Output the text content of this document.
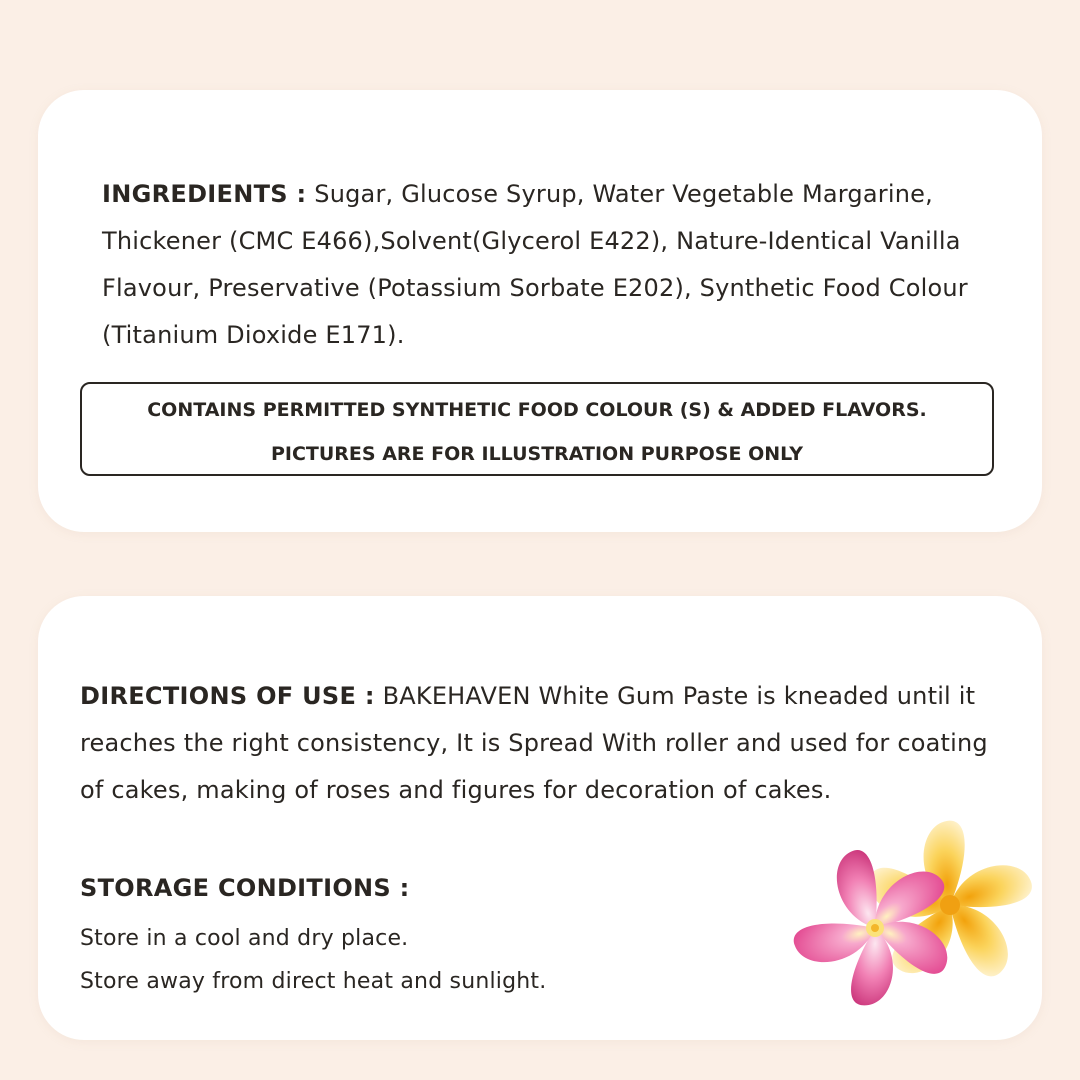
INGREDIENTS : Sugar, Glucose Syrup, Water Vegetable Margarine, Thickener (CMC E466),Solvent(Glycerol E422), Nature-Identical Vanilla Flavour, Preservative (Potassium Sorbate E202), Synthetic Food Colour (Titanium Dioxide E171).
CONTAINS PERMITTED SYNTHETIC FOOD COLOUR (S) & ADDED FLAVORS.
PICTURES ARE FOR ILLUSTRATION PURPOSE ONLY
DIRECTIONS OF USE : BAKEHAVEN White Gum Paste is kneaded until it reaches the right consistency, It is Spread With roller and used for coating of cakes, making of roses and figures for decoration of cakes.
STORAGE CONDITIONS :
Store in a cool and dry place.
Store away from direct heat and sunlight.
